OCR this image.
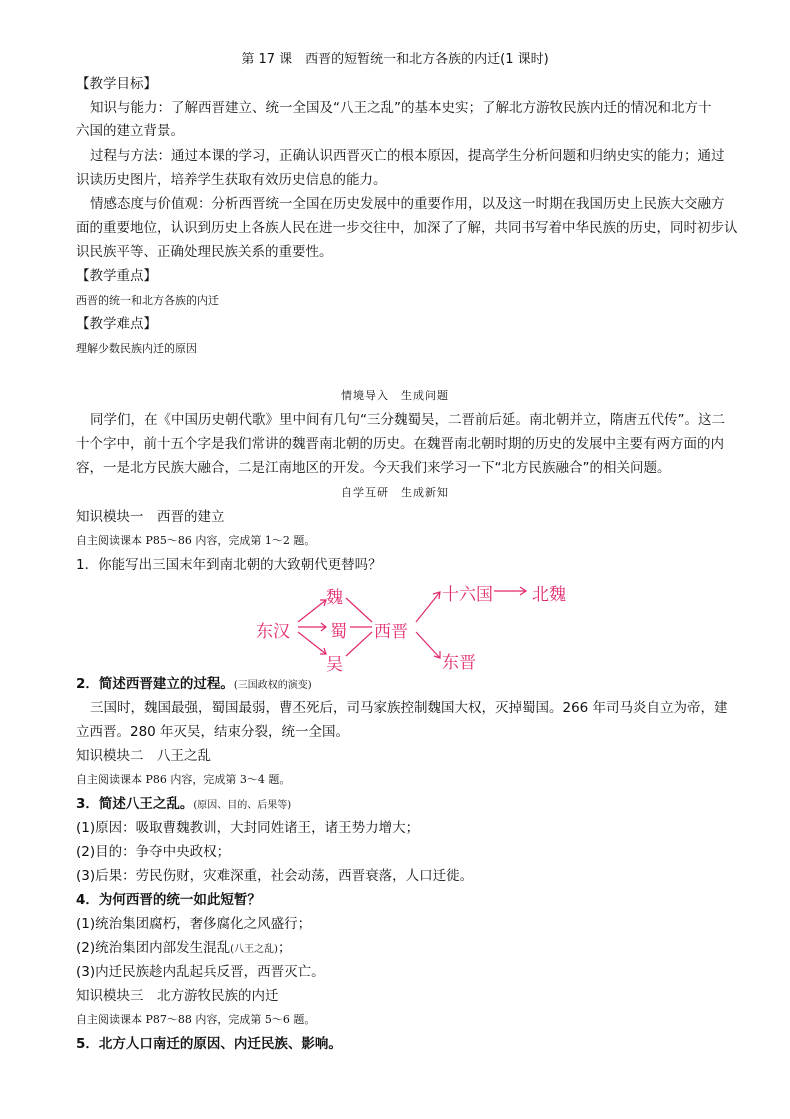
第 17 课　西晋的短暂统一和北方各族的内迁(1 课时)
【教学目标】
知识与能力：了解西晋建立、统一全国及“八王之乱”的基本史实；了解北方游牧民族内迁的情况和北方十
六国的建立背景。
过程与方法：通过本课的学习，正确认识西晋灭亡的根本原因，提高学生分析问题和归纳史实的能力；通过
识读历史图片，培养学生获取有效历史信息的能力。
情感态度与价值观：分析西晋统一全国在历史发展中的重要作用，以及这一时期在我国历史上民族大交融方
面的重要地位，认识到历史上各族人民在进一步交往中，加深了了解，共同书写着中华民族的历史，同时初步认
识民族平等、正确处理民族关系的重要性。
【教学重点】
西晋的统一和北方各族的内迁
【教学难点】
理解少数民族内迁的原因
情境导入　生成问题
同学们，在《中国历史朝代歌》里中间有几句“三分魏蜀吴，二晋前后延。南北朝并立，隋唐五代传”。这二
十个字中，前十五个字是我们常讲的魏晋南北朝的历史。在魏晋南北朝时期的历史的发展中主要有两方面的内
容，一是北方民族大融合，二是江南地区的开发。今天我们来学习一下“北方民族融合”的相关问题。
自学互研　生成新知
知识模块一　西晋的建立
自主阅读课本 P85～86 内容，完成第 1～2 题。
1．你能写出三国末年到南北朝的大致朝代更替吗？
东汉
魏
蜀
吴
西晋
十六国 北魏
东晋
2．简述西晋建立的过程。(三国政权的演变)
三国时，魏国最强，蜀国最弱，曹丕死后，司马家族控制魏国大权，灭掉蜀国。266 年司马炎自立为帝，建
立西晋。280 年灭吴，结束分裂，统一全国。
知识模块二　八王之乱
自主阅读课本 P86 内容，完成第 3～4 题。
3．简述八王之乱。(原因、目的、后果等)
(1)原因：吸取曹魏教训，大封同姓诸王，诸王势力增大；
(2)目的：争夺中央政权；
(3)后果：劳民伤财，灾难深重，社会动荡，西晋衰落，人口迁徙。
4．为何西晋的统一如此短暂？
(1)统治集团腐朽，奢侈腐化之风盛行；
(2)统治集团内部发生混乱(八王之乱)；
(3)内迁民族趁内乱起兵反晋，西晋灭亡。
知识模块三　北方游牧民族的内迁
自主阅读课本 P87～88 内容，完成第 5～6 题。
5．北方人口南迁的原因、内迁民族、影响。
